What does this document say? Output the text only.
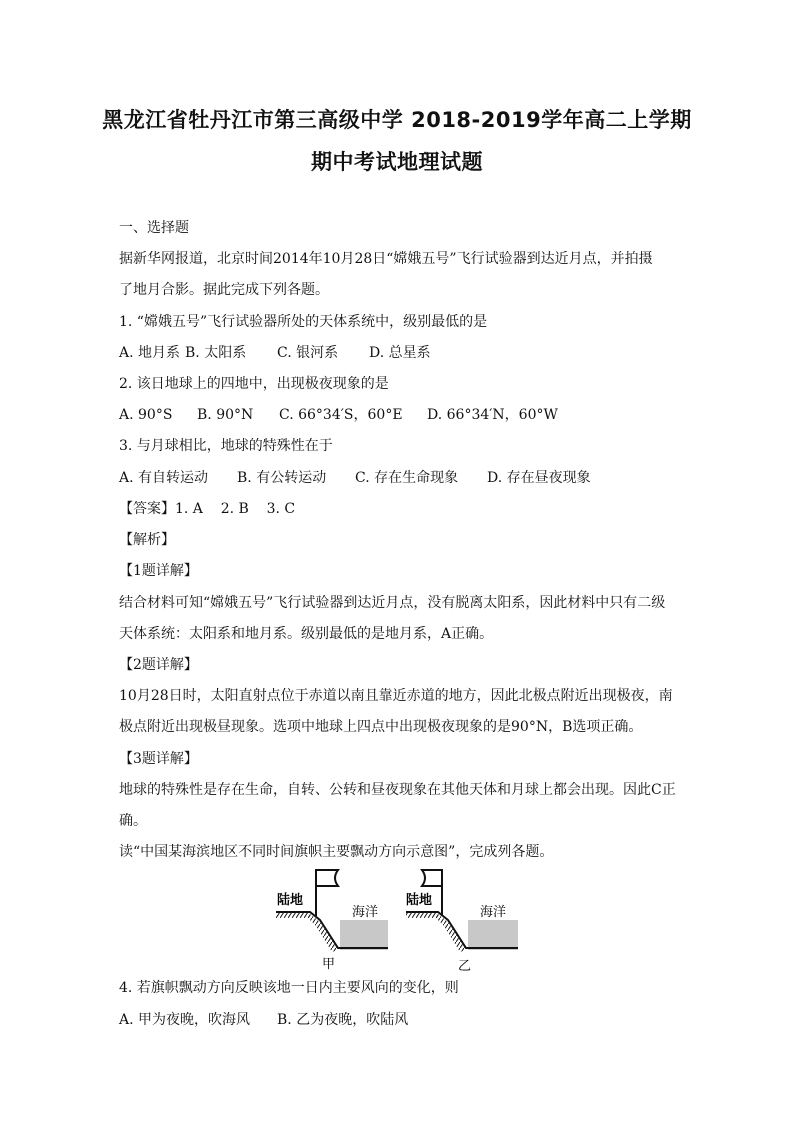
黑龙江省牡丹江市第三高级中学 2018-2019学年高二上学期
期中考试地理试题
一、选择题
据新华网报道，北京时间2014年10月28日“嫦娥五号”飞行试验器到达近月点，并拍摄
了地月合影。据此完成下列各题。
1. “嫦娥五号”飞行试验器所处的天体系统中，级别最低的是
A. 地月系 B. 太阳系	C. 银河系	D. 总星系
2. 该日地球上的四地中，出现极夜现象的是
A. 90°S	B. 90°N	C. 66°34′S，60°E	D. 66°34′N，60°W
3. 与月球相比，地球的特殊性在于
A. 有自转运动	B. 有公转运动	C. 存在生命现象	D. 存在昼夜现象
【答案】1. A    2. B    3. C
【解析】
【1题详解】
结合材料可知“嫦娥五号”飞行试验器到达近月点，没有脱离太阳系，因此材料中只有二级
天体系统：太阳系和地月系。级别最低的是地月系，A正确。
【2题详解】
10月28日时，太阳直射点位于赤道以南且靠近赤道的地方，因此北极点附近出现极夜，南
极点附近出现极昼现象。选项中地球上四点中出现极夜现象的是90°N，B选项正确。
【3题详解】
地球的特殊性是存在生命，自转、公转和昼夜现象在其他天体和月球上都会出现。因此C正
确。
读“中国某海滨地区不同时间旗帜主要飘动方向示意图”，完成列各题。
陆地
海洋
甲
陆地
海洋
乙
4. 若旗帜飘动方向反映该地一日内主要风向的变化，则
A. 甲为夜晚，吹海风	B. 乙为夜晚，吹陆风
